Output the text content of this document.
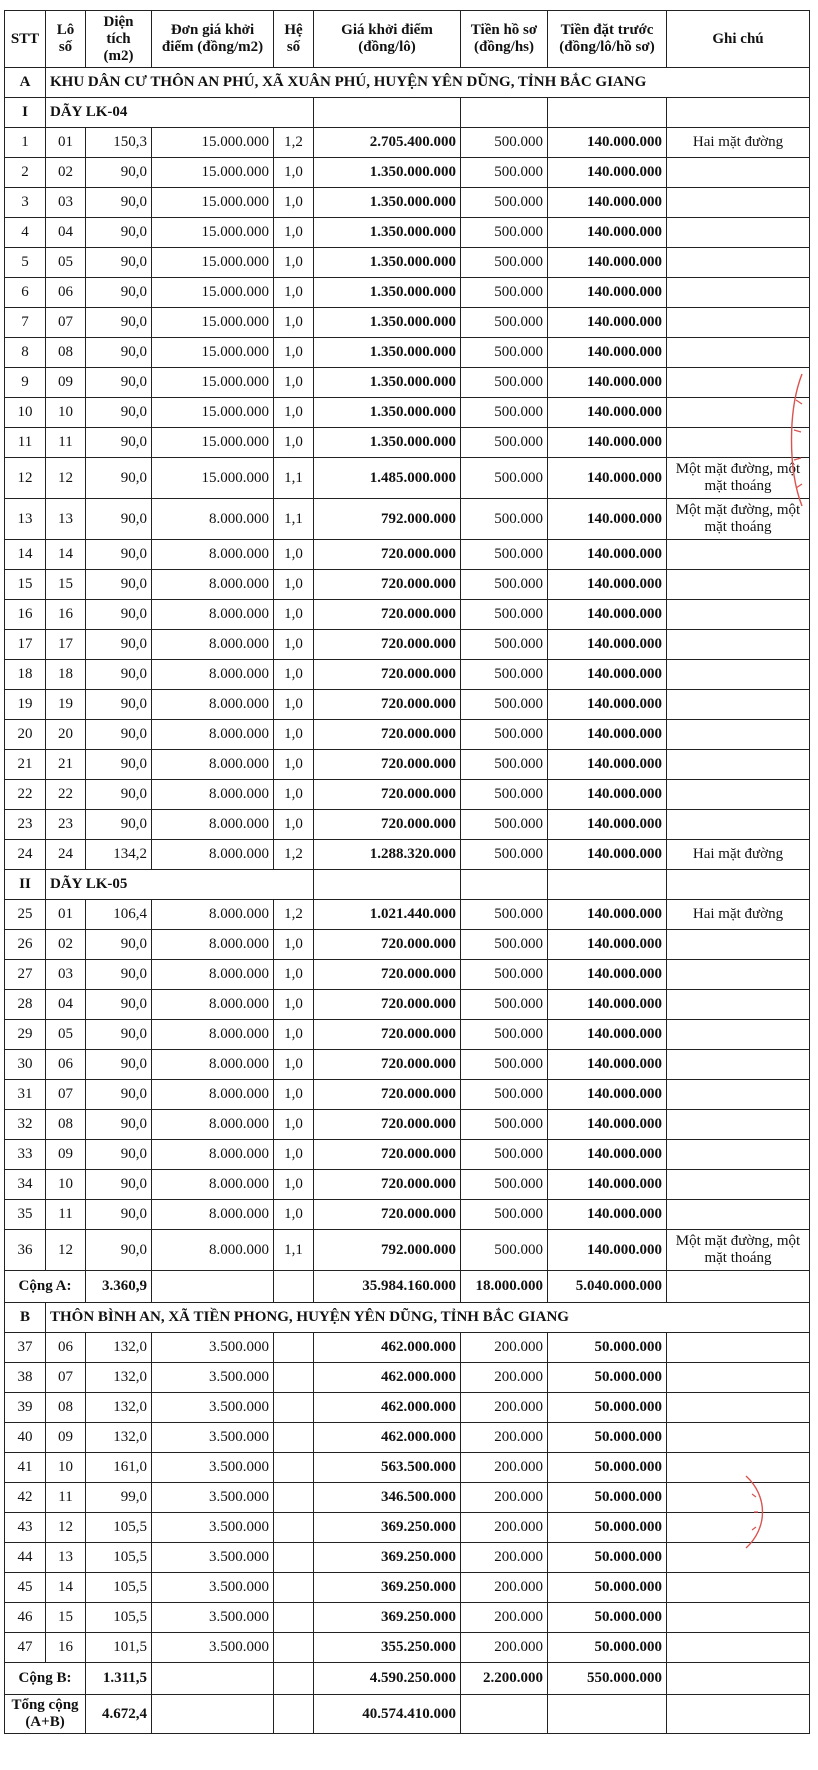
STT	Lô số	Diện tích (m2)	Đơn giá khởi điểm (đồng/m2)	Hệ số	Giá khởi điểm (đồng/lô)	Tiền hồ sơ (đồng/hs)	Tiền đặt trước (đồng/lô/hồ sơ)	Ghi chú
A	KHU DÂN CƯ THÔN AN PHÚ, XÃ XUÂN PHÚ, HUYỆN YÊN DŨNG, TỈNH BẮC GIANG							
I	DÃY LK-04							
1	01	150,3	15.000.000	1,2	2.705.400.000	500.000	140.000.000	Hai mặt đường
2	02	90,0	15.000.000	1,0	1.350.000.000	500.000	140.000.000	
3	03	90,0	15.000.000	1,0	1.350.000.000	500.000	140.000.000	
4	04	90,0	15.000.000	1,0	1.350.000.000	500.000	140.000.000	
5	05	90,0	15.000.000	1,0	1.350.000.000	500.000	140.000.000	
6	06	90,0	15.000.000	1,0	1.350.000.000	500.000	140.000.000	
7	07	90,0	15.000.000	1,0	1.350.000.000	500.000	140.000.000	
8	08	90,0	15.000.000	1,0	1.350.000.000	500.000	140.000.000	
9	09	90,0	15.000.000	1,0	1.350.000.000	500.000	140.000.000	
10	10	90,0	15.000.000	1,0	1.350.000.000	500.000	140.000.000	
11	11	90,0	15.000.000	1,0	1.350.000.000	500.000	140.000.000	
12	12	90,0	15.000.000	1,1	1.485.000.000	500.000	140.000.000	Một mặt đường, một mặt thoáng
13	13	90,0	8.000.000	1,1	792.000.000	500.000	140.000.000	Một mặt đường, một mặt thoáng
14	14	90,0	8.000.000	1,0	720.000.000	500.000	140.000.000	
15	15	90,0	8.000.000	1,0	720.000.000	500.000	140.000.000	
16	16	90,0	8.000.000	1,0	720.000.000	500.000	140.000.000	
17	17	90,0	8.000.000	1,0	720.000.000	500.000	140.000.000	
18	18	90,0	8.000.000	1,0	720.000.000	500.000	140.000.000	
19	19	90,0	8.000.000	1,0	720.000.000	500.000	140.000.000	
20	20	90,0	8.000.000	1,0	720.000.000	500.000	140.000.000	
21	21	90,0	8.000.000	1,0	720.000.000	500.000	140.000.000	
22	22	90,0	8.000.000	1,0	720.000.000	500.000	140.000.000	
23	23	90,0	8.000.000	1,0	720.000.000	500.000	140.000.000	
24	24	134,2	8.000.000	1,2	1.288.320.000	500.000	140.000.000	Hai mặt đường
II	DÃY LK-05							
25	01	106,4	8.000.000	1,2	1.021.440.000	500.000	140.000.000	Hai mặt đường
26	02	90,0	8.000.000	1,0	720.000.000	500.000	140.000.000	
27	03	90,0	8.000.000	1,0	720.000.000	500.000	140.000.000	
28	04	90,0	8.000.000	1,0	720.000.000	500.000	140.000.000	
29	05	90,0	8.000.000	1,0	720.000.000	500.000	140.000.000	
30	06	90,0	8.000.000	1,0	720.000.000	500.000	140.000.000	
31	07	90,0	8.000.000	1,0	720.000.000	500.000	140.000.000	
32	08	90,0	8.000.000	1,0	720.000.000	500.000	140.000.000	
33	09	90,0	8.000.000	1,0	720.000.000	500.000	140.000.000	
34	10	90,0	8.000.000	1,0	720.000.000	500.000	140.000.000	
35	11	90,0	8.000.000	1,0	720.000.000	500.000	140.000.000	
36	12	90,0	8.000.000	1,1	792.000.000	500.000	140.000.000	Một mặt đường, một mặt thoáng
Cộng A:		3.360,9			35.984.160.000	18.000.000	5.040.000.000	
B	THÔN BÌNH AN, XÃ TIỀN PHONG, HUYỆN YÊN DŨNG, TỈNH BẮC GIANG							
37	06	132,0	3.500.000		462.000.000	200.000	50.000.000	
38	07	132,0	3.500.000		462.000.000	200.000	50.000.000	
39	08	132,0	3.500.000		462.000.000	200.000	50.000.000	
40	09	132,0	3.500.000		462.000.000	200.000	50.000.000	
41	10	161,0	3.500.000		563.500.000	200.000	50.000.000	
42	11	99,0	3.500.000		346.500.000	200.000	50.000.000	
43	12	105,5	3.500.000		369.250.000	200.000	50.000.000	
44	13	105,5	3.500.000		369.250.000	200.000	50.000.000	
45	14	105,5	3.500.000		369.250.000	200.000	50.000.000	
46	15	105,5	3.500.000		369.250.000	200.000	50.000.000	
47	16	101,5	3.500.000		355.250.000	200.000	50.000.000	
Cộng B:		1.311,5			4.590.250.000	2.200.000	550.000.000	
Tổng cộng (A+B)		4.672,4			40.574.410.000			
